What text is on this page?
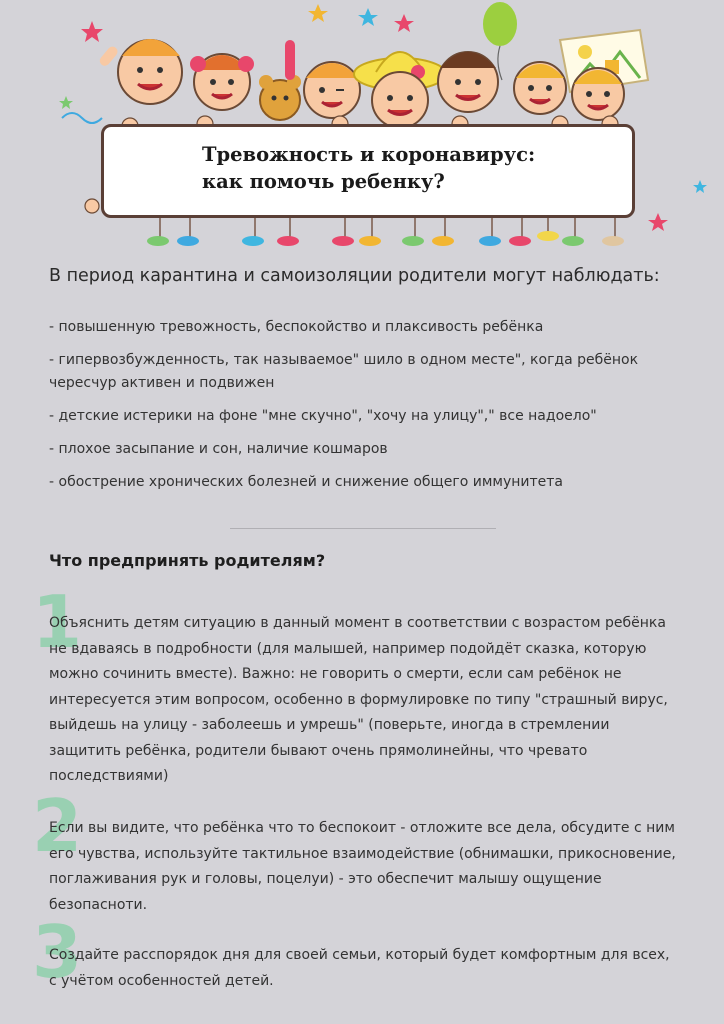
Тревожность и коронавирус:
как помочь ребенку?

В период карантина и самоизоляции родители могут наблюдать:

- повышенную тревожность, беспокойство и плаксивость ребёнка
- гипервозбужденность, так называемое" шило в одном месте", когда ребёнок чересчур активен и подвижен
- детские истерики на фоне "мне скучно", "хочу на улицу"," все надоело"
- плохое засыпание и сон, наличие кошмаров
- обострение хронических болезней и снижение общего иммунитета
Что предпринять родителям?
1

Объяснить детям ситуацию в данный момент в соответствии с возрастом ребёнка не вдаваясь в подробности (для малышей, например подойдёт сказка, которую можно сочинить вместе). Важно: не говорить о смерти, если сам ребёнок не интересуется этим вопросом, особенно в формулировке по типу "страшный вирус, выйдешь на улицу - заболеешь и умрешь" (поверьте, иногда в стремлении защитить ребёнка, родители бывают очень прямолинейны, что чревато последствиями)

2

Если вы видите, что ребёнка что то беспокоит - отложите все дела, обсудите с ним его чувства, используйте тактильное взаимодействие (обнимашки, прикосновение, поглаживания рук и головы, поцелуи) - это обеспечит малышу ощущение безопасноти.

3

Создайте расспорядок дня для своей семьи, который будет комфортным для всех, с учётом особенностей детей.
